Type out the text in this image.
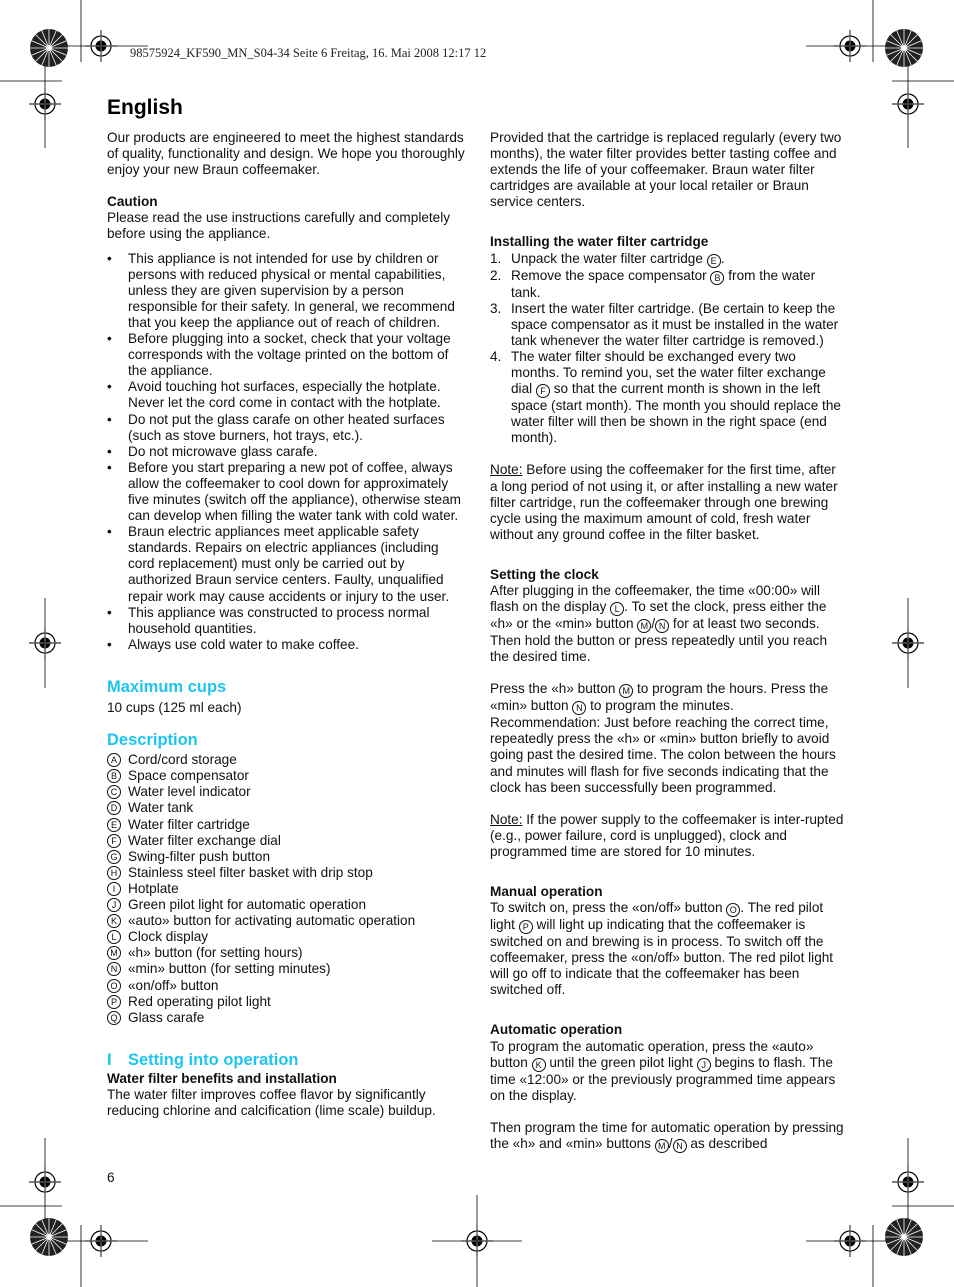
98575924_KF590_MN_S04-34 Seite 6 Freitag, 16. Mai 2008 12:17 12
English

Our products are engineered to meet the highest standards of quality, functionality and design. We hope you thoroughly enjoy your new Braun coffeemaker.

Caution

Please read the use instructions carefully and completely before using the appliance.

• This appliance is not intended for use by children or persons with reduced physical or mental capabilities, unless they are given supervision by a person responsible for their safety. In general, we recommend that you keep the appliance out of reach of children.
• Before plugging into a socket, check that your voltage corresponds with the voltage printed on the bottom of the appliance.
• Avoid touching hot surfaces, especially the hotplate. Never let the cord come in contact with the hotplate.
• Do not put the glass carafe on other heated surfaces (such as stove burners, hot trays, etc.).
• Do not microwave glass carafe.
• Before you start preparing a new pot of coffee, always allow the coffeemaker to cool down for approximately five minutes (switch off the appliance), otherwise steam can develop when filling the water tank with cold water.
• Braun electric appliances meet applicable safety standards. Repairs on electric appliances (including cord replacement) must only be carried out by authorized Braun service centers. Faulty, unqualified repair work may cause accidents or injury to the user.
• This appliance was constructed to process normal household quantities.
• Always use cold water to make coffee.
Maximum cups

10 cups (125 ml each)

Description
A Cord/cord storage
B Space compensator
C Water level indicator
D Water tank
E Water filter cartridge
F Water filter exchange dial
G Swing-filter push button
H Stainless steel filter basket with drip stop
I Hotplate
J Green pilot light for automatic operation
K «auto» button for activating automatic operation
L Clock display
M «h» button (for setting hours)
N «min» button (for setting minutes)
O «on/off» button
P Red operating pilot light
Q Glass carafe
I Setting into operation

Water filter benefits and installation

The water filter improves coffee flavor by significantly reducing chlorine and calcification (lime scale) buildup.

Provided that the cartridge is replaced regularly (every two months), the water filter provides better tasting coffee and extends the life of your coffeemaker. Braun water filter cartridges are available at your local retailer or Braun service centers.

Installing the water filter cartridge

1. Unpack the water filter cartridge E .
2. Remove the space compensator B from the water tank.
3. Insert the water filter cartridge. (Be certain to keep the space compensator as it must be installed in the water tank whenever the water filter cartridge is removed.)
4. The water filter should be exchanged every two months. To remind you, set the water filter exchange dial F so that the current month is shown in the left space (start month). The month you should replace the water filter will then be shown in the right space (end month).

Note: Before using the coffeemaker for the first time, after a long period of not using it, or after installing a new water filter cartridge, run the coffeemaker through one brewing cycle using the maximum amount of cold, fresh water without any ground coffee in the filter basket.

Setting the clock

After plugging in the coffeemaker, the time «00:00» will flash on the display L . To set the clock, press either the «h» or the «min» button M / N for at least two seconds. Then hold the button or press repeatedly until you reach the desired time.

Press the «h» button M to program the hours. Press the «min» button N to program the minutes. Recommendation: Just before reaching the correct time, repeatedly press the «h» or «min» button briefly to avoid going past the desired time. The colon between the hours and minutes will flash for five seconds indicating that the clock has been successfully been programmed.

Note: If the power supply to the coffeemaker is inter-rupted (e.g., power failure, cord is unplugged), clock and programmed time are stored for 10 minutes.

Manual operation

To switch on, press the «on/off» button O . The red pilot light P will light up indicating that the coffeemaker is switched on and brewing is in process. To switch off the coffeemaker, press the «on/off» button. The red pilot light will go off to indicate that the coffeemaker has been switched off.

Automatic operation

To program the automatic operation, press the «auto» button K until the green pilot light J begins to flash. The time «12:00» or the previously programmed time appears on the display.

Then program the time for automatic operation by pressing the «h» and «min» buttons M / N as described

6
